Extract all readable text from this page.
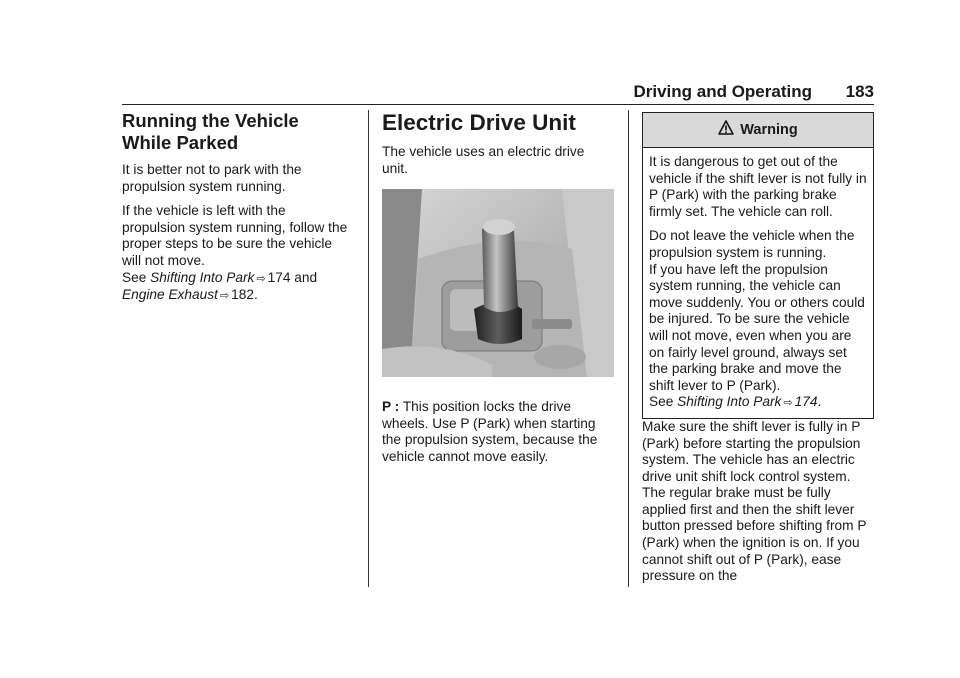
Driving and Operating 183
Running the Vehicle While Parked

It is better not to park with the propulsion system running.

If the vehicle is left with the propulsion system running, follow the proper steps to be sure the vehicle will not move.
See Shifting Into Park ⇨ 174 and
Engine Exhaust ⇨ 182.

Electric Drive Unit

The vehicle uses an electric drive unit.

P : This position locks the drive wheels. Use P (Park) when starting the propulsion system, because the vehicle cannot move easily.

Warning

It is dangerous to get out of the vehicle if the shift lever is not fully in P (Park) with the parking brake firmly set. The vehicle can roll.

Do not leave the vehicle when the propulsion system is running.
If you have left the propulsion system running, the vehicle can move suddenly. You or others could be injured. To be sure the vehicle will not move, even when you are on fairly level ground, always set the parking brake and move the shift lever to P (Park).
See Shifting Into Park ⇨ 174.

Make sure the shift lever is fully in P (Park) before starting the propulsion system. The vehicle has an electric drive unit shift lock control system. The regular brake must be fully applied first and then the shift lever button pressed before shifting from P (Park) when the ignition is on. If you cannot shift out of P (Park), ease pressure on the
